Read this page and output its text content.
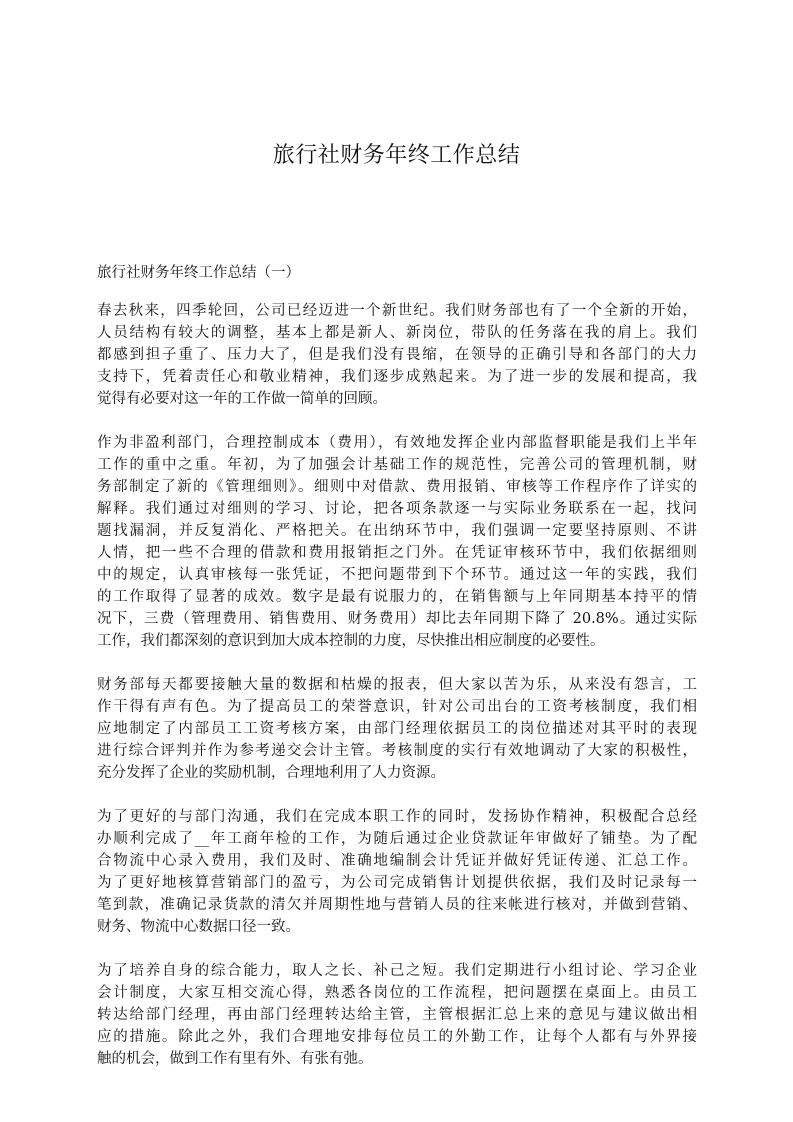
旅行社财务年终工作总结
旅行社财务年终工作总结（一）
春去秋来，四季轮回，公司已经迈进一个新世纪。我们财务部也有了一个全新的开始，
人员结构有较大的调整，基本上都是新人、新岗位，带队的任务落在我的肩上。我们
都感到担子重了、压力大了，但是我们没有畏缩，在领导的正确引导和各部门的大力
支持下，凭着责任心和敬业精神，我们逐步成熟起来。为了进一步的发展和提高，我
觉得有必要对这一年的工作做一简单的回顾。
作为非盈利部门，合理控制成本（费用），有效地发挥企业内部监督职能是我们上半年
工作的重中之重。年初，为了加强会计基础工作的规范性，完善公司的管理机制，财
务部制定了新的《管理细则》。细则中对借款、费用报销、审核等工作程序作了详实的
解释。我们通过对细则的学习、讨论，把各项条款逐一与实际业务联系在一起，找问
题找漏洞，并反复消化、严格把关。在出纳环节中，我们强调一定要坚持原则、不讲
人情，把一些不合理的借款和费用报销拒之门外。在凭证审核环节中，我们依据细则
中的规定，认真审核每一张凭证，不把问题带到下个环节。通过这一年的实践，我们
的工作取得了显著的成效。数字是最有说服力的，在销售额与上年同期基本持平的情
况下，三费（管理费用、销售费用、财务费用）却比去年同期下降了 20.8%。通过实际
工作，我们都深刻的意识到加大成本控制的力度，尽快推出相应制度的必要性。
财务部每天都要接触大量的数据和枯燥的报表，但大家以苦为乐，从来没有怨言，工
作干得有声有色。为了提高员工的荣誉意识，针对公司出台的工资考核制度，我们相
应地制定了内部员工工资考核方案，由部门经理依据员工的岗位描述对其平时的表现
进行综合评判并作为参考递交会计主管。考核制度的实行有效地调动了大家的积极性，
充分发挥了企业的奖励机制，合理地利用了人力资源。
为了更好的与部门沟通，我们在完成本职工作的同时，发扬协作精神，积极配合总经
办顺利完成了__年工商年检的工作，为随后通过企业贷款证年审做好了铺垫。为了配
合物流中心录入费用，我们及时、准确地编制会计凭证并做好凭证传递、汇总工作。
为了更好地核算营销部门的盈亏，为公司完成销售计划提供依据，我们及时记录每一
笔到款，准确记录货款的清欠并周期性地与营销人员的往来帐进行核对，并做到营销、
财务、物流中心数据口径一致。
为了培养自身的综合能力，取人之长、补己之短。我们定期进行小组讨论、学习企业
会计制度，大家互相交流心得，熟悉各岗位的工作流程，把问题摆在桌面上。由员工
转达给部门经理，再由部门经理转达给主管，主管根据汇总上来的意见与建议做出相
应的措施。除此之外，我们合理地安排每位员工的外勤工作，让每个人都有与外界接
触的机会，做到工作有里有外、有张有弛。
